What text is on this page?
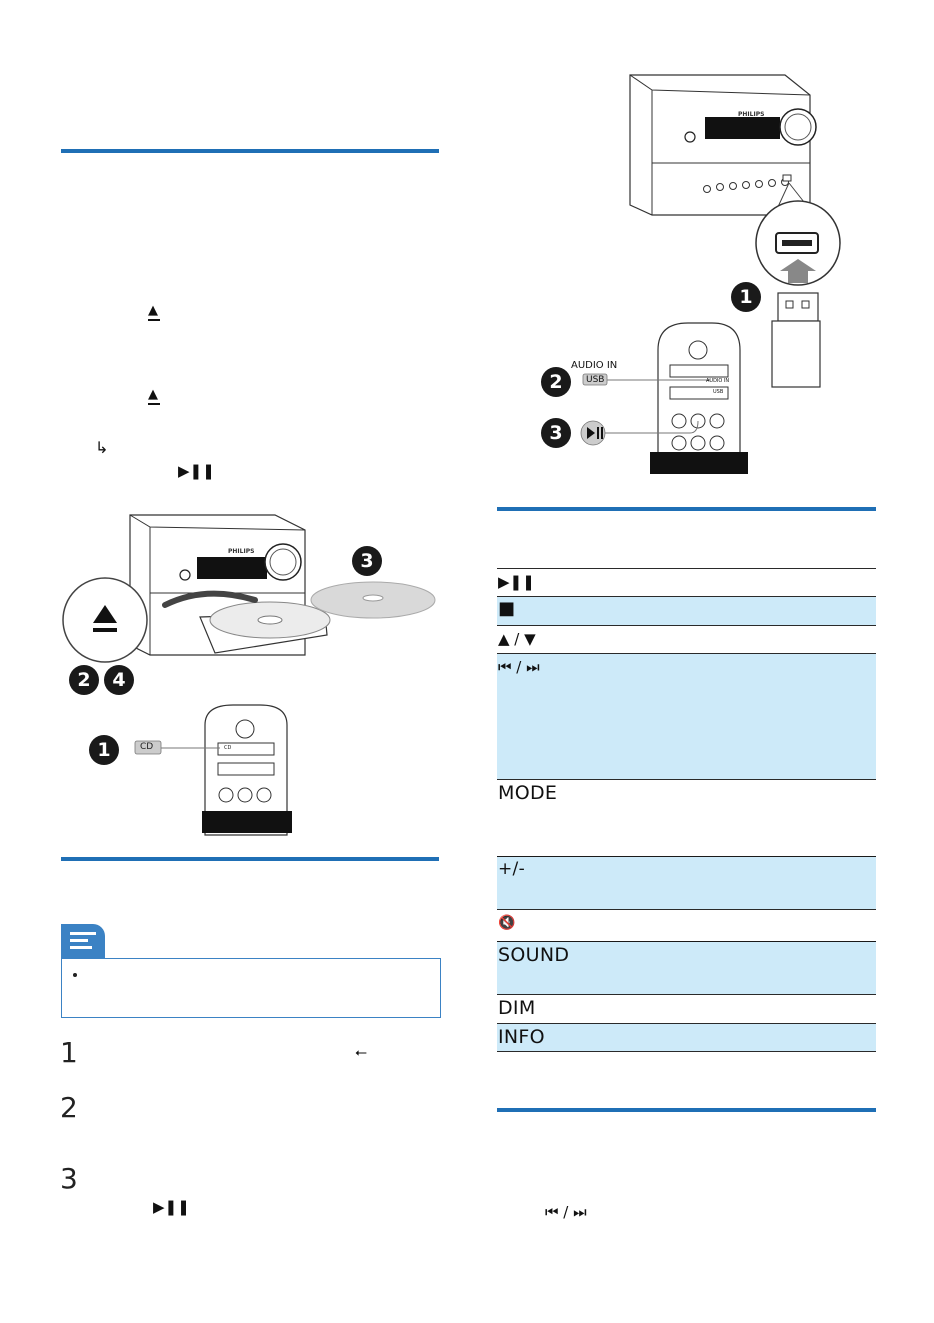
▲
▲
↳
▶❚❚
PHILIPS	3
2	4
1	CD	CD
1	⭠
2
3
▶❚❚
PHILIPS
1
2
3
AUDIO IN
USB	AUDIO IN
USB
▶❚❚
■
▲ / ▼
⏮ / ⏭
MODE
+/-
🔇
SOUND
DIM
INFO
⏮ / ⏭
